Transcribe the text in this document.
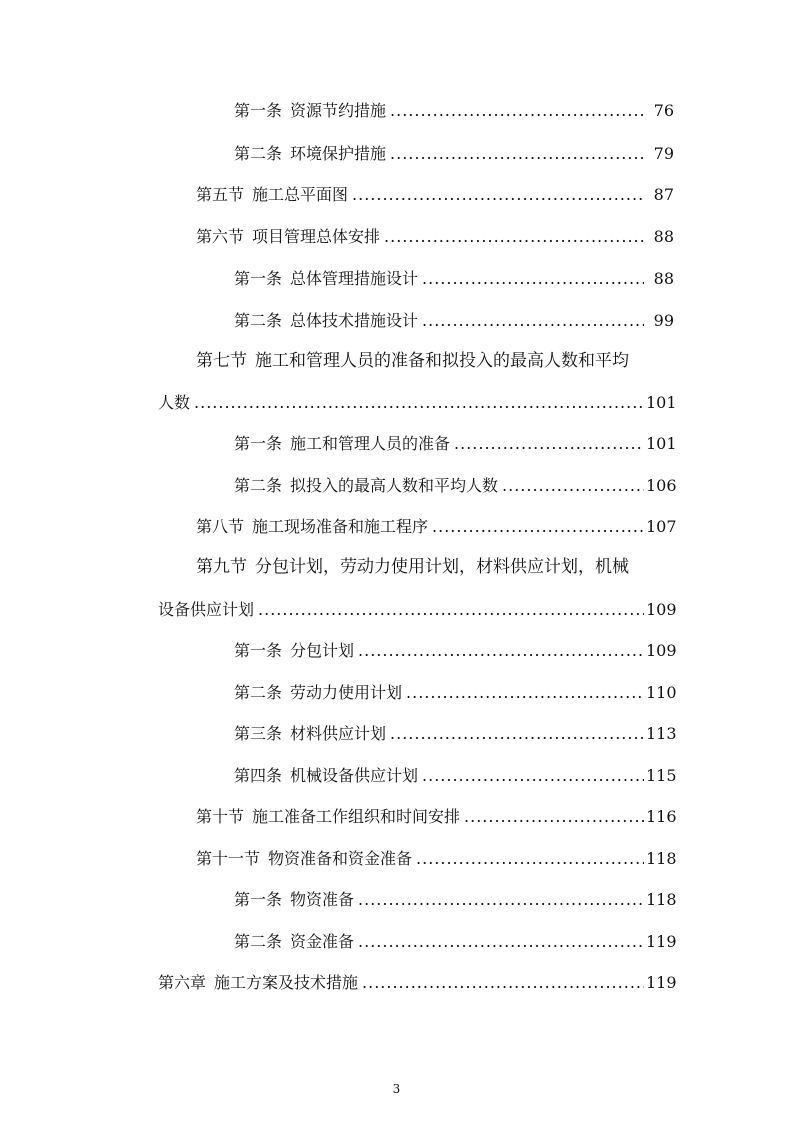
第一条 资源节约措施 .....	76
第二条 环境保护措施 .....	79
第五节 施工总平面图 .....	87
第六节 项目管理总体安排 .....	88
第一条 总体管理措施设计 .....	88
第二条 总体技术措施设计 .....	99
第七节 施工和管理人员的准备和拟投入的最高人数和平均
人数 .....	101
第一条 施工和管理人员的准备 .....	101
第二条 拟投入的最高人数和平均人数 .....	106
第八节 施工现场准备和施工程序 .....	107
第九节 分包计划，劳动力使用计划，材料供应计划，机械
设备供应计划 .....	109
第一条 分包计划 .....	109
第二条 劳动力使用计划 .....	110
第三条 材料供应计划 .....	113
第四条 机械设备供应计划 .....	115
第十节 施工准备工作组织和时间安排 .....	116
第十一节 物资准备和资金准备 .....	118
第一条 物资准备 .....	118
第二条 资金准备 .....	119
第六章 施工方案及技术措施 .....	119
3
